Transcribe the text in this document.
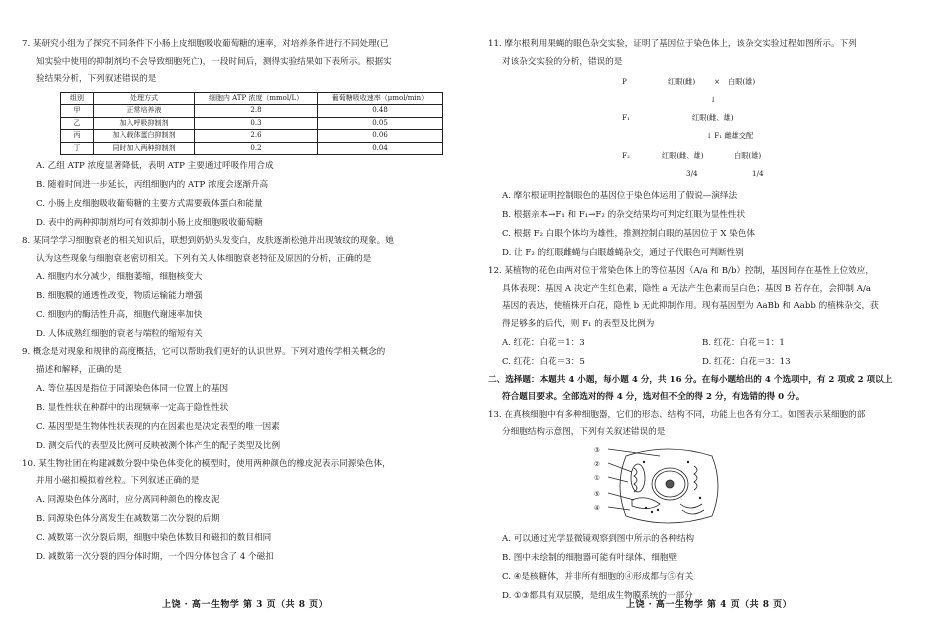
7. 某研究小组为了探究不同条件下小肠上皮细胞吸收葡萄糖的速率，对培养条件进行不同处理(已

知实验中使用的抑制剂均不会导致细胞死亡)，一段时间后，测得实验结果如下表所示。根据实

验结果分析，下列叙述错误的是

组别	处理方式	细胞内 ATP 浓度（mmol/L）	葡萄糖吸收速率（μmol/min）
甲	正常培养液	2.8	0.48
乙	加入呼吸抑制剂	0.3	0.05
丙	加入载体蛋白抑制剂	2.6	0.06
丁	同时加入两种抑制剂	0.2	0.04

A. 乙组 ATP 浓度显著降低，表明 ATP 主要通过呼吸作用合成

B. 随着时间进一步延长，丙组细胞内的 ATP 浓度会逐渐升高

C. 小肠上皮细胞吸收葡萄糖的主要方式需要载体蛋白和能量

D. 表中的两种抑制剂均可有效抑制小肠上皮细胞吸收葡萄糖

8. 某同学学习细胞衰老的相关知识后，联想到奶奶头发变白，皮肤逐渐松弛并出现皱纹的现象。她

认为这些现象与细胞衰老密切相关。下列有关人体细胞衰老特征及原因的分析，正确的是

A. 细胞内水分减少，细胞萎缩，细胞核变大

B. 细胞膜的通透性改变，物质运输能力增强

C. 细胞内的酶活性升高，细胞代谢速率加快

D. 人体成熟红细胞的衰老与端粒的缩短有关

9. 概念是对现象和规律的高度概括，它可以帮助我们更好的认识世界。下列对遗传学相关概念的

描述和解释，正确的是

A. 等位基因是指位于同源染色体同一位置上的基因

B. 显性性状在种群中的出现频率一定高于隐性性状

C. 基因型是生物体性状表现的内在因素也是决定表型的唯一因素

D. 测交后代的表型及比例可反映被测个体产生的配子类型及比例

10. 某生物社团在构建减数分裂中染色体变化的模型时，使用两种颜色的橡皮泥表示同源染色体，

并用小磁扣模拟着丝粒。下列叙述正确的是

A. 同源染色体分离时，应分离同种颜色的橡皮泥

B. 同源染色体分离发生在减数第二次分裂的后期

C. 减数第一次分裂后期，细胞中染色体数目和磁扣的数目相同

D. 减数第一次分裂的四分体时期，一个四分体包含了 4 个磁扣

上饶 · 高一生物学 第 3 页（共 8 页）

11. 摩尔根利用果蝇的眼色杂交实验，证明了基因位于染色体上，该杂交实验过程如图所示。下列

对该杂交实验的分析，错误的是

P	红眼(雌)	× 白眼(雄)
↓
F₁	红眼(雌、雄)
↓ F₁ 雌雄交配
F₂	红眼(雌、雄)	白眼(雄)
3/4	1/4

A. 摩尔根证明控制眼色的基因位于染色体运用了假说—演绎法

B. 根据亲本→F₁ 和 F₁→F₂ 的杂交结果均可判定红眼为显性性状

C. 根据 F₂ 白眼个体均为雄性，推测控制白眼的基因位于 X 染色体

D. 让 F₂ 的红眼雌蝇与白眼雄蝇杂交，通过子代眼色可判断性别

12. 某植物的花色由两对位于常染色体上的等位基因（A/a 和 B/b）控制，基因间存在基性上位效应，

具体表现：基因 A 决定产生红色素，隐性 a 无法产生色素而呈白色；基因 B 若存在，会抑制 A/a

基因的表达，使植株开白花，隐性 b 无此抑制作用。现有基因型为 AaBb 和 Aabb 的植株杂交，获

得足够多的后代，则 F₁ 的表型及比例为

A. 红花：白花＝1：3	B. 红花：白花＝1：1
C. 红花：白花＝3：5	D. 红花：白花＝3：13

二、选择题：本题共 4 小题，每小题 4 分，共 16 分。在每小题给出的 4 个选项中，有 2 项或 2 项以上

符合题目要求。全部选对的得 4 分，选对但不全的得 2 分，有选错的得 0 分。

13. 在真核细胞中有多种细胞器，它们的形态、结构不同，功能上也各有分工。如图表示某细胞的部

分细胞结构示意图，下列有关叙述错误的是

③
②
①
⑤
④

A. 可以通过光学显微镜观察到图中所示的各种结构

B. 图中未绘制的细胞器可能有叶绿体、细胞壁

C. ④是核糖体，并非所有细胞的④形成都与⑤有关

D. ①③都具有双层膜，是组成生物膜系统的一部分

上饶 · 高一生物学 第 4 页（共 8 页）
